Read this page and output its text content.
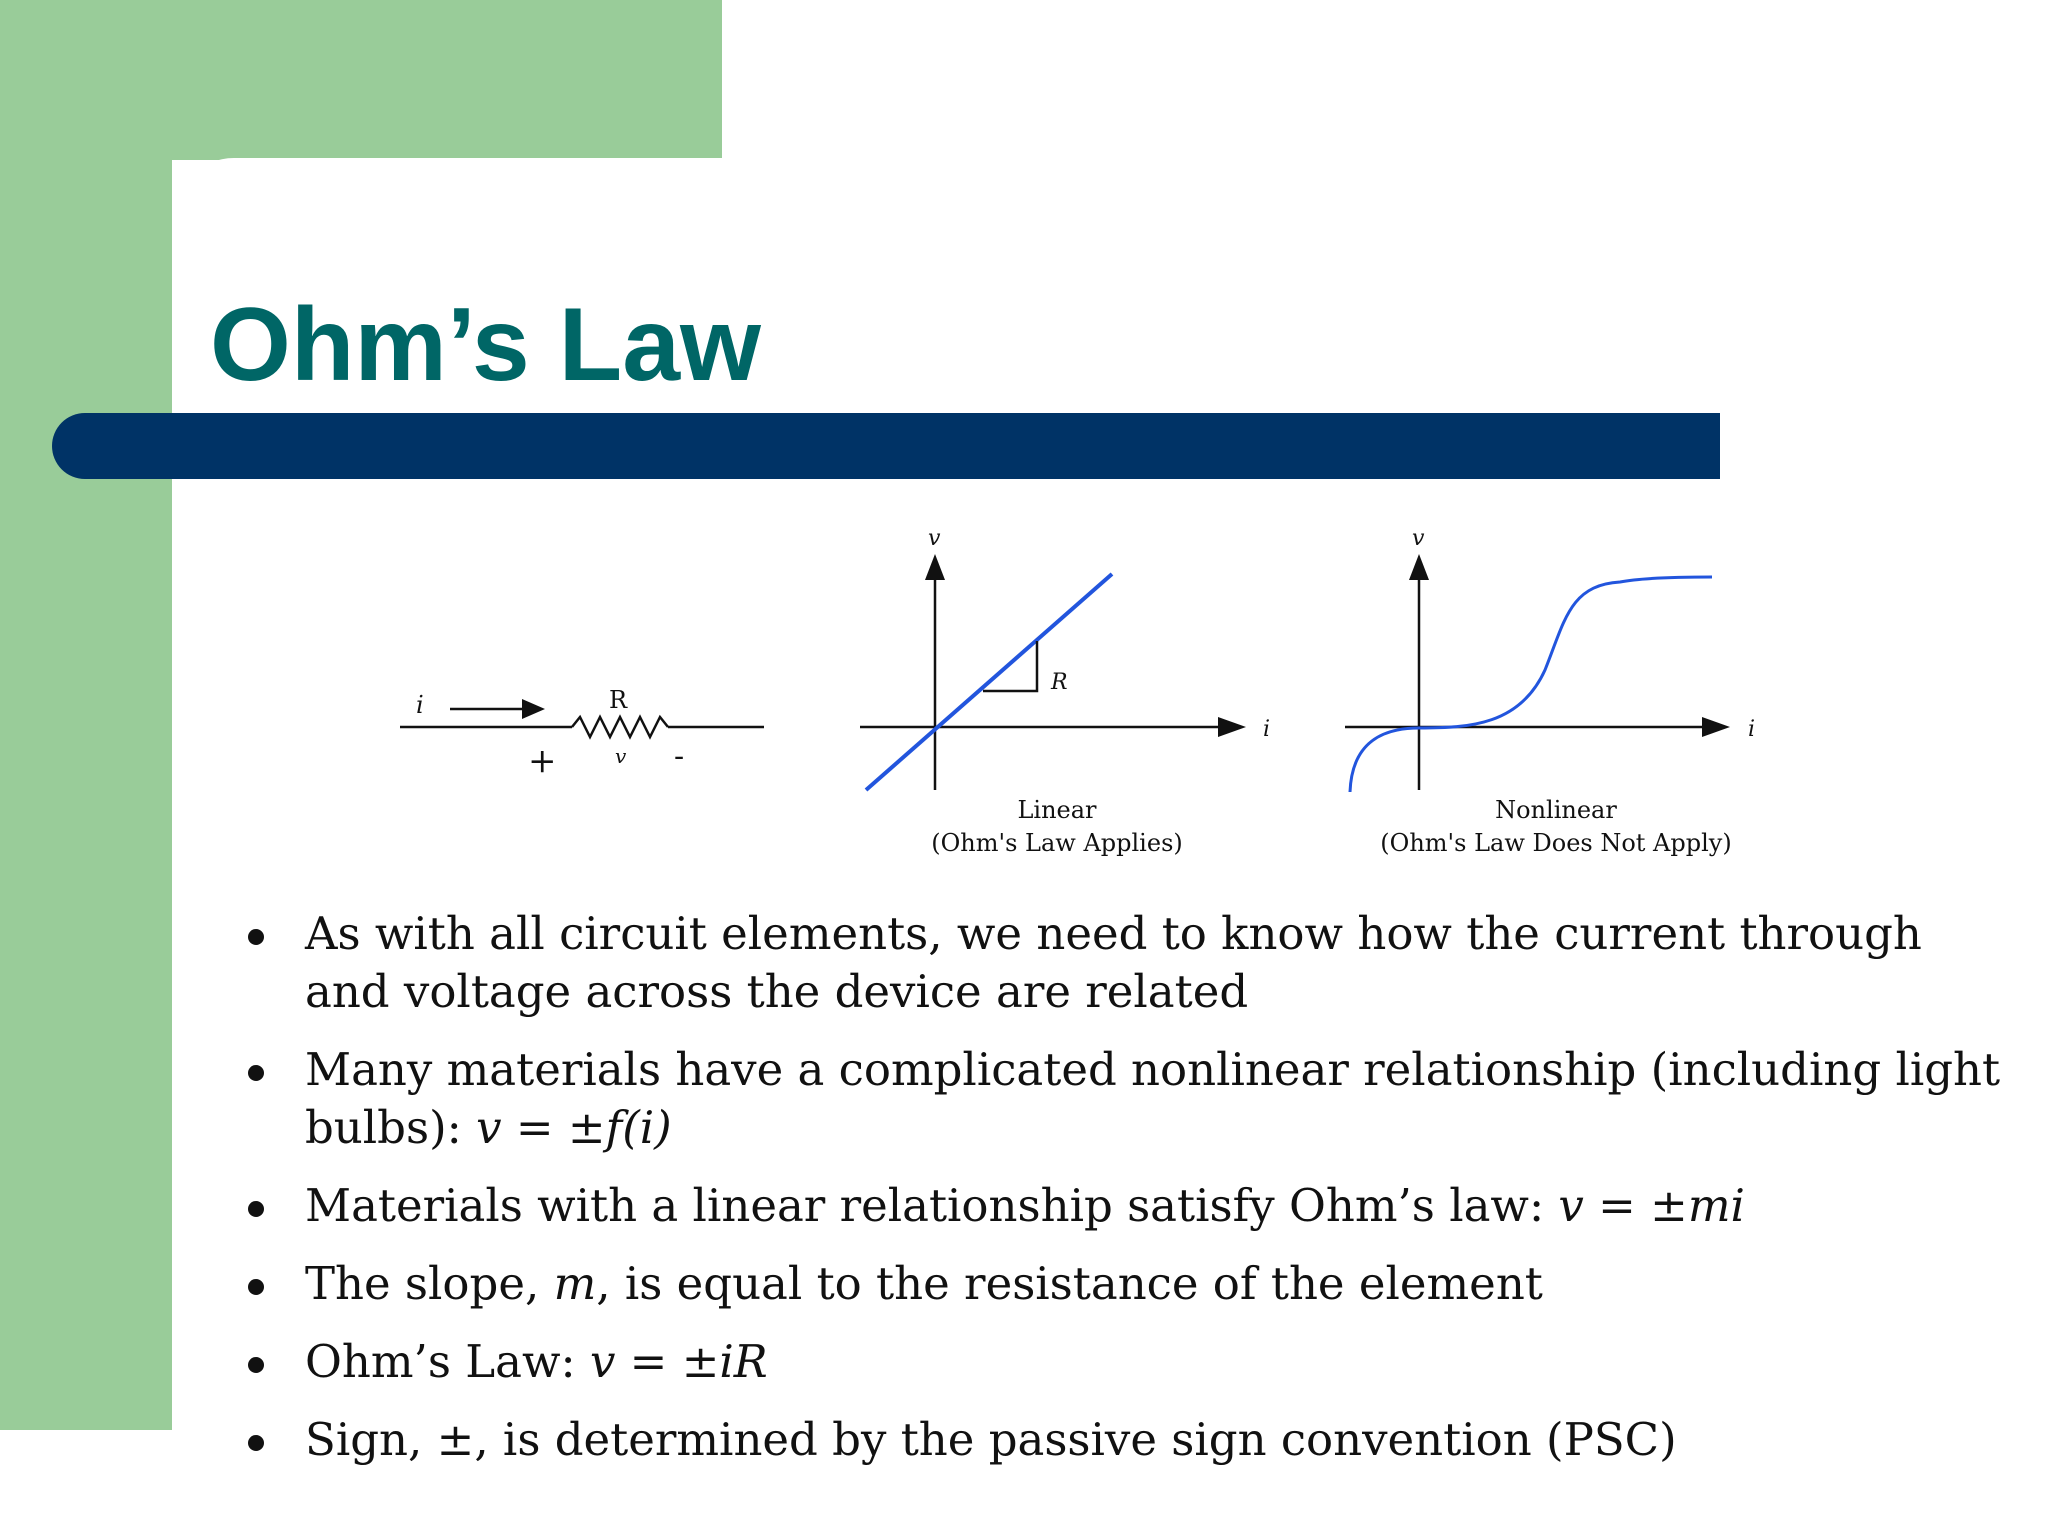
Ohm’s Law
i	R
+	v -
v
i
R
Linear
(Ohm's Law Applies)
v
i
Nonlinear
(Ohm's Law Does Not Apply)
As with all circuit elements, we need to know how the current through and voltage across the device are related
Many materials have a complicated nonlinear relationship (including light bulbs): v = ±f(i)
Materials with a linear relationship satisfy Ohm’s law: v = ±mi
The slope, m, is equal to the resistance of the element
Ohm’s Law: v = ±iR
Sign, ±, is determined by the passive sign convention (PSC)
